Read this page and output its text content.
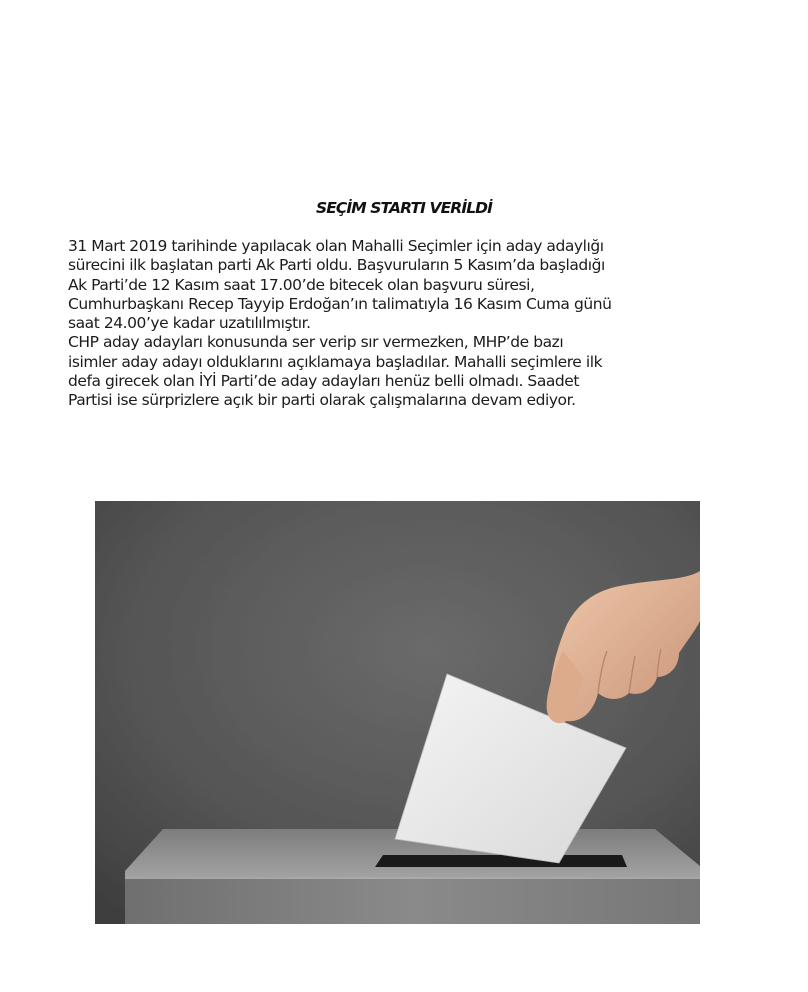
SEÇİM STARTI VERİLDİ

31 Mart 2019 tarihinde yapılacak olan Mahalli Seçimler için aday adaylığı
sürecini ilk başlatan parti Ak Parti oldu. Başvuruların 5 Kasım’da başladığı
Ak Parti’de 12 Kasım saat 17.00’de bitecek olan başvuru süresi,
Cumhurbaşkanı Recep Tayyip Erdoğan’ın talimatıyla 16 Kasım Cuma günü
saat 24.00’ye kadar uzatılılmıştır.
CHP aday adayları konusunda ser verip sır vermezken, MHP’de bazı
isimler aday adayı olduklarını açıklamaya başladılar. Mahalli seçimlere ilk
defa girecek olan İYİ Parti’de aday adayları henüz belli olmadı. Saadet
Partisi ise sürprizlere açık bir parti olarak çalışmalarına devam ediyor.
